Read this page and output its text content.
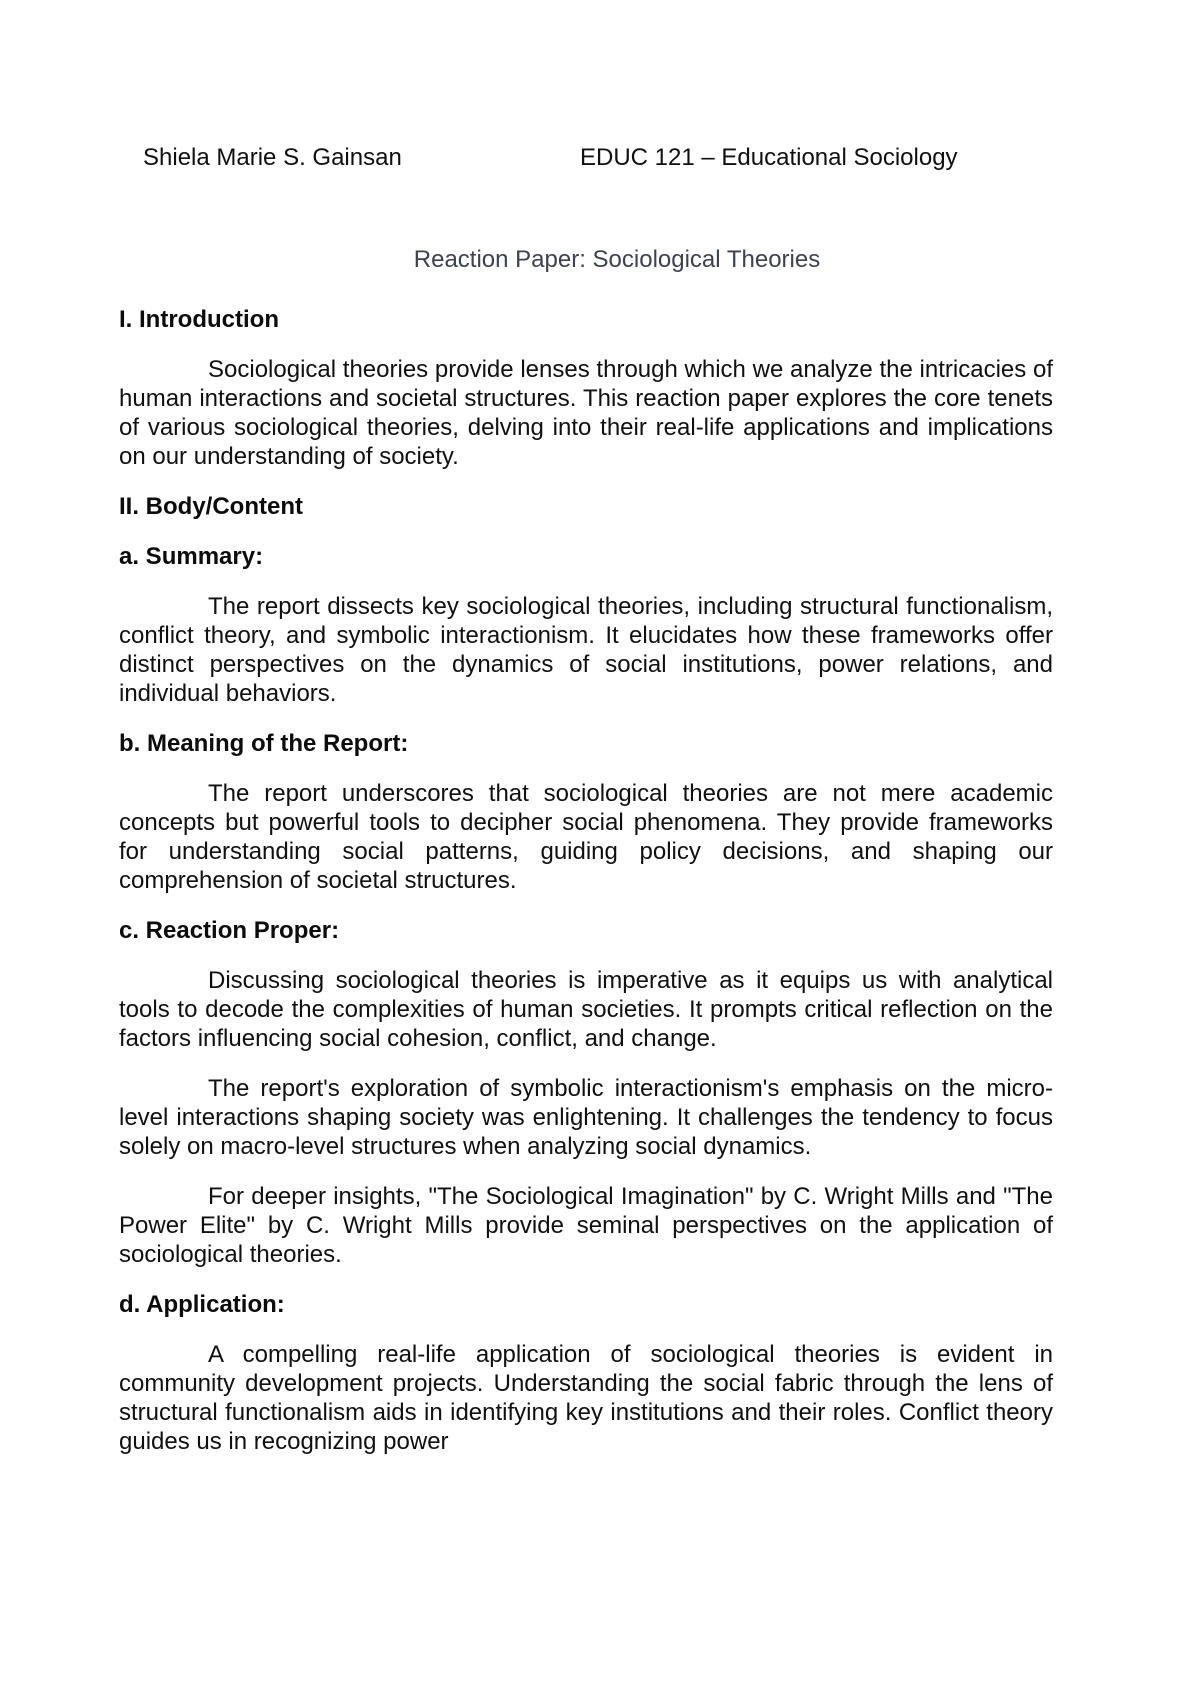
Shiela Marie S. Gainsan	EDUC 121 – Educational Sociology
Reaction Paper: Sociological Theories
I. Introduction

Sociological theories provide lenses through which we analyze the intricacies of human interactions and societal structures. This reaction paper explores the core tenets of various sociological theories, delving into their real-life applications and implications on our understanding of society.

II. Body/Content
a. Summary:

The report dissects key sociological theories, including structural functionalism, conflict theory, and symbolic interactionism. It elucidates how these frameworks offer distinct perspectives on the dynamics of social institutions, power relations, and individual behaviors.

b. Meaning of the Report:

The report underscores that sociological theories are not mere academic concepts but powerful tools to decipher social phenomena. They provide frameworks for understanding social patterns, guiding policy decisions, and shaping our comprehension of societal structures.

c. Reaction Proper:

Discussing sociological theories is imperative as it equips us with analytical tools to decode the complexities of human societies. It prompts critical reflection on the factors influencing social cohesion, conflict, and change.

The report's exploration of symbolic interactionism's emphasis on the micro-level interactions shaping society was enlightening. It challenges the tendency to focus solely on macro-level structures when analyzing social dynamics.

For deeper insights, "The Sociological Imagination" by C. Wright Mills and "The Power Elite" by C. Wright Mills provide seminal perspectives on the application of sociological theories.

d. Application:

A compelling real-life application of sociological theories is evident in community development projects. Understanding the social fabric through the lens of structural functionalism aids in identifying key institutions and their roles. Conflict theory guides us in recognizing power
